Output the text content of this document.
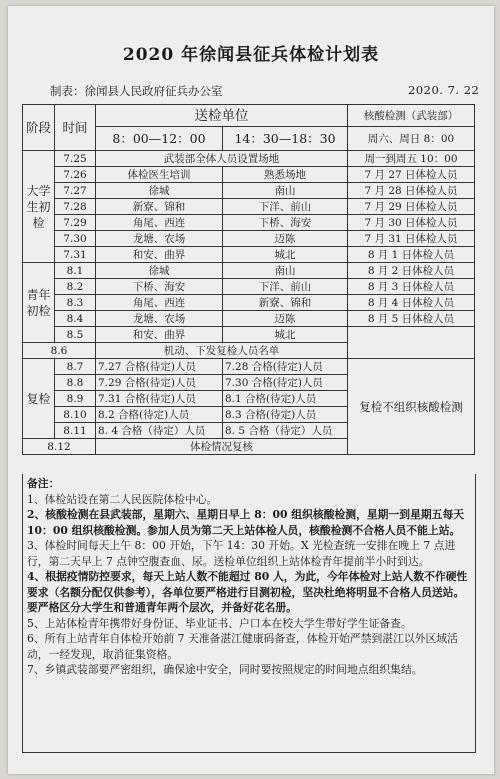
2020 年徐闻县征兵体检计划表
制表：徐闻县人民政府征兵办公室	2020. 7. 22
阶段	时间	送检单位		核酸检测（武装部）
		8：00—12：00	14：30—18：30	周六、周日 8：00
大学生初检	7.25	武装部全体人员设置场地		周一到周五 10：00
	7.26	体检医生培训	熟悉场地	7 月 27 日体检人员
	7.27	徐城	南山	7 月 28 日体检人员
	7.28	新寮、锦和	下洋、前山	7 月 29 日体检人员
	7.29	角尾、西连	下桥、海安	7 月 30 日体检人员
	7.30	龙塘、农场	迈陈	7 月 31 日体检人员
	7.31	和安、曲界	城北	8 月 1 日体检人员
青年初检	8.1	徐城	南山	8 月 2 日体检人员
	8.2	下桥、海安	下洋、前山	8 月 3 日体检人员
	8.3	角尾、西连	新寮、锦和	8 月 4 日体检人员
	8.4	龙塘、农场	迈陈	8 月 5 日体检人员
	8.5	和安、曲界	城北	
8.6		机动、下发复检人员名单		
复检	8.7	7.27 合格(待定)人员	7.28 合格(待定)人员	复检不组织核酸检测
	8.8	7.29 合格(待定)人员	7.30 合格(待定)人员	
	8.9	7.31 合格(待定)人员	8.1 合格(待定)人员	
	8.10	8.2 合格(待定)人员	8.3 合格(待定)人员	
	8.11	8. 4 合格（待定）人员	8. 5 合格（待定）人员	
8.12		体检情况复核		

备注：

1、体检站设在第二人民医院体检中心。

2、核酸检测在县武装部，星期六、星期日早上 8：00 组织核酸检测，星期一到星期五每天 10：00 组织核酸检测。参加人员为第二天上站体检人员，核酸检测不合格人员不能上站。

3、体检时间每天上午 8：00 开始，下午 14：30 开始。X 光检查统一安排在晚上 7 点进行，第二天早上 7 点钟空腹查血、尿。送检单位组织上站体检青年提前半小时到达。

4、根据疫情防控要求，每天上站人数不能超过 80 人，为此，今年体检对上站人数不作硬性要求（名额分配仅供参考），各单位要严格进行目测初检，坚决杜绝将明显不合格人员送站。要严格区分大学生和普通青年两个层次，并备好花名册。

5、上站体检青年携带好身份证、毕业证书、户口本在校大学生带好学生证备查。

6、所有上站青年自体检开始前 7 天准备湛江健康码备查，体检开始严禁到湛江以外区域活动，一经发现，取消征集资格。

7、乡镇武装部要严密组织，确保途中安全，同时要按照规定的时间地点组织集结。
